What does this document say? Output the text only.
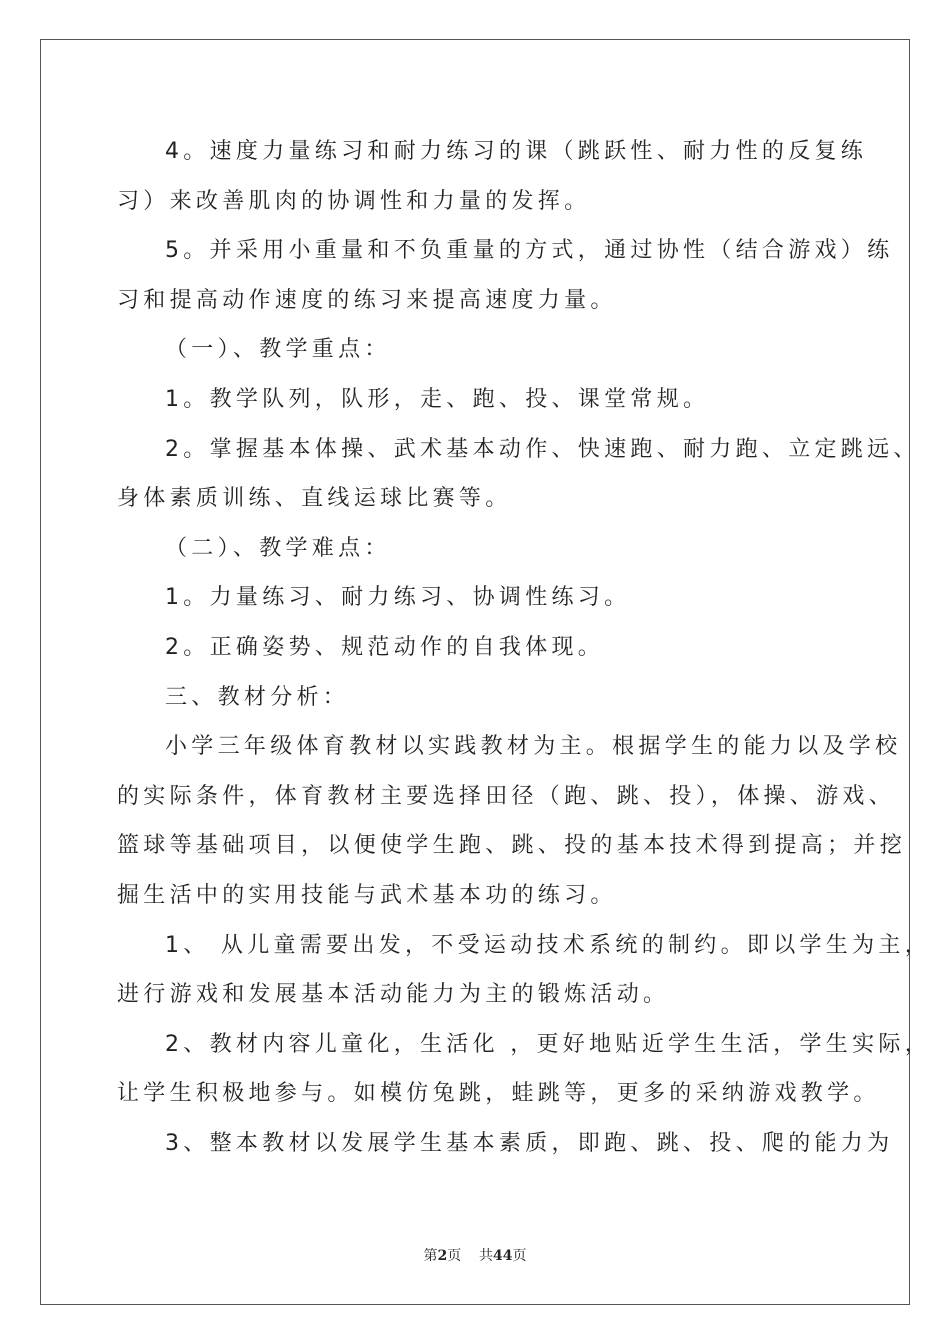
4。速度力量练习和耐力练习的课（跳跃性、耐力性的反复练
习）来改善肌肉的协调性和力量的发挥。
5。并采用小重量和不负重量的方式，通过协性（结合游戏）练
习和提高动作速度的练习来提高速度力量。
（一）、教学重点：
1。教学队列，队形，走、跑、投、课堂常规。
2。掌握基本体操、武术基本动作、快速跑、耐力跑、立定跳远、
身体素质训练、直线运球比赛等。
（二）、教学难点：
1。力量练习、耐力练习、协调性练习。
2。正确姿势、规范动作的自我体现。
三、教材分析：
小学三年级体育教材以实践教材为主。根据学生的能力以及学校
的实际条件，体育教材主要选择田径（跑、跳、投），体操、游戏、
篮球等基础项目，以便使学生跑、跳、投的基本技术得到提高；并挖
掘生活中的实用技能与武术基本功的练习。
1、 从儿童需要出发，不受运动技术系统的制约。即以学生为主，
进行游戏和发展基本活动能力为主的锻炼活动。
2、教材内容儿童化，生活化 ，更好地贴近学生生活，学生实际，
让学生积极地参与。如模仿兔跳，蛙跳等，更多的采纳游戏教学。
3、整本教材以发展学生基本素质，即跑、跳、投、爬的能力为
第2页 共44页
